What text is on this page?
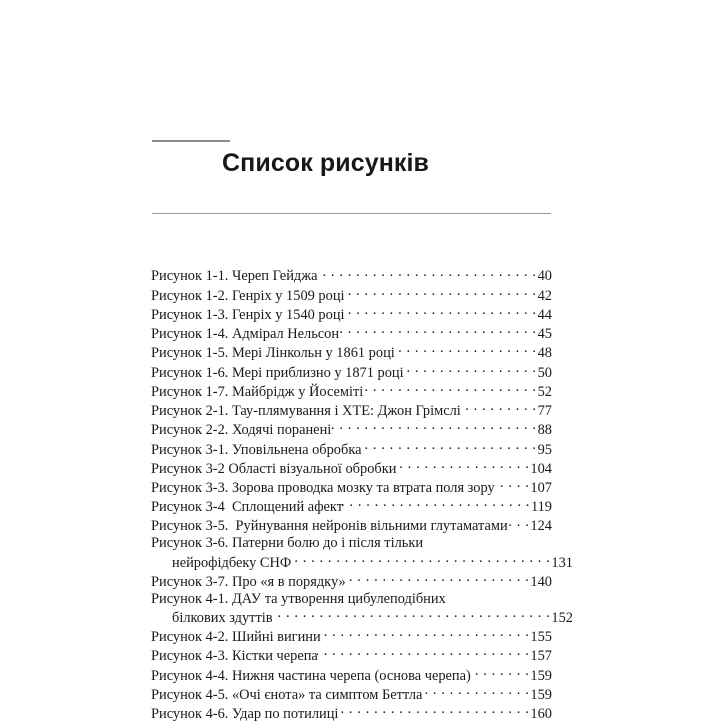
Список рисунків
Рисунок 1-1. Череп Гейджа . . .	40
Рисунок 1-2. Генріх у 1509 році . . .	42
Рисунок 1-3. Генріх у 1540 році . . .	44
Рисунок 1-4. Адмірал Нельсон . . .	45
Рисунок 1-5. Мері Лінкольн у 1861 році . . .	48
Рисунок 1-6. Мері приблизно у 1871 році . . .	50
Рисунок 1-7. Майбрідж у Йосеміті . . .	52
Рисунок 2-1. Тау-плямування і ХТЕ: Джон Грімслі . . .	77
Рисунок 2-2. Ходячі поранені . . .	88
Рисунок 3-1. Уповільнена обробка . . .	95
Рисунок 3-2 Області візуальної обробки . . .	104
Рисунок 3-3. Зорова проводка мозку та втрата поля зору . . . 107
Рисунок 3-4  Сплощений афект . . .	119
Рисунок 3-5.  Руйнування нейронів вільними глутаматами . . . 124
Рисунок 3-6. Патерни болю до і після тільки
нейрофідбеку СНФ . . .	131
Рисунок 3-7. Про «я в порядку» . . .	140
Рисунок 4-1. ДАУ та утворення цибулеподібних
білкових здуттів . . .	152
Рисунок 4-2. Шийні вигини . . .	155
Рисунок 4-3. Кістки черепа . . .	157
Рисунок 4-4. Нижня частина черепа (основа черепа) . . .	159
Рисунок 4-5. «Очі єнота» та симптом Беттла . . .	159
Рисунок 4-6. Удар по потилиці . . .	160
